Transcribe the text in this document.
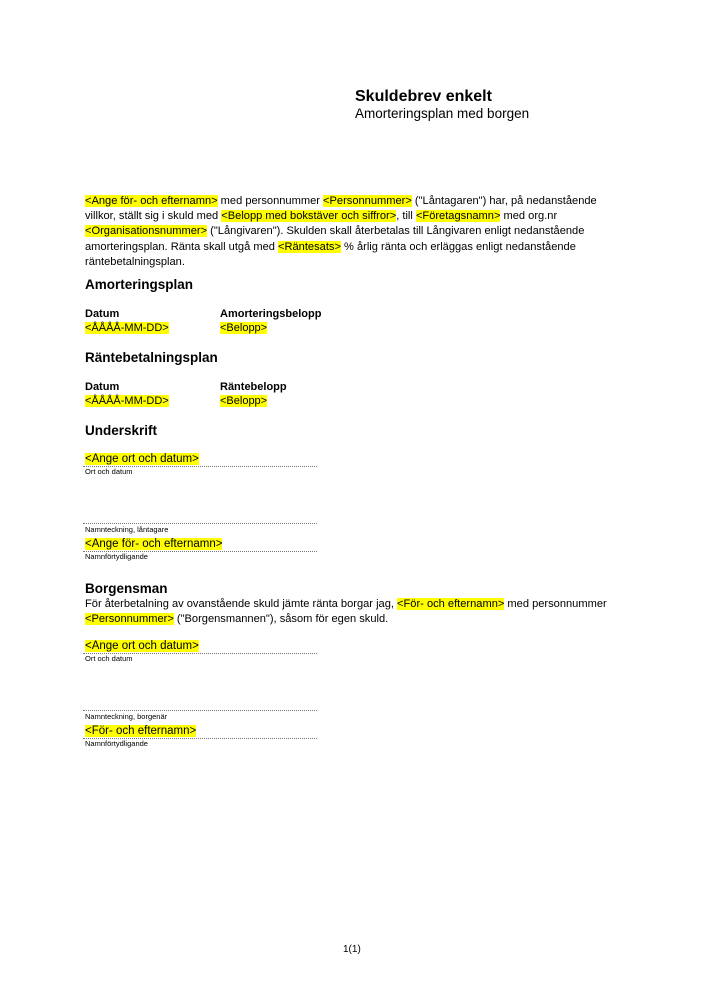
Skuldebrev enkelt
Amorteringsplan med borgen
<Ange för- och efternamn> med personnummer <Personnummer> ("Låntagaren") har, på nedanstående villkor, ställt sig i skuld med <Belopp med bokstäver och siffror>, till <Företagsnamn> med org.nr <Organisationsnummer> ("Långivaren"). Skulden skall återbetalas till Långivaren enligt nedanstående amorteringsplan. Ränta skall utgå med <Räntesats> % årlig ränta och erläggas enligt nedanstående räntebetalningsplan.
Amorteringsplan
Datum	Amorteringsbelopp
<ÅÅÅÅ-MM-DD>	<Belopp>
Räntebetalningsplan
Datum	Räntebelopp
<ÅÅÅÅ-MM-DD>	<Belopp>
Underskrift
<Ange ort och datum>
Ort och datum
Namnteckning, låntagare
<Ange för- och efternamn>
Namnförtydligande
Borgensman
För återbetalning av ovanstående skuld jämte ränta borgar jag, <För- och efternamn> med personnummer <Personnummer> ("Borgensmannen"), såsom för egen skuld.
<Ange ort och datum>
Ort och datum
Namnteckning, borgenär
<För- och efternamn>
Namnförtydligande
1(1)
